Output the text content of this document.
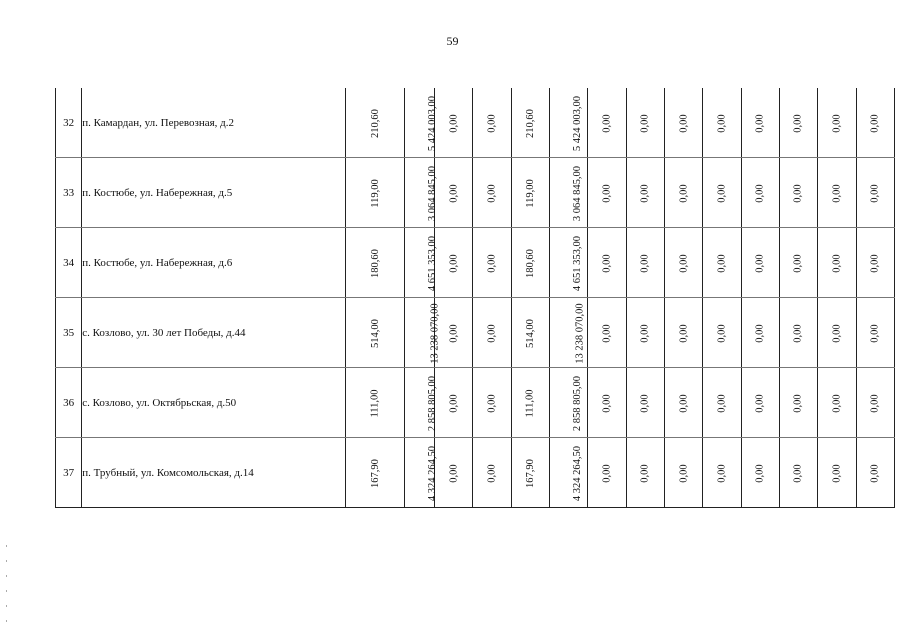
59
32	п. Камардан, ул. Перевозная, д.2	210,60	5 424 003,00	0,00	0,00	210,60	5 424 003,00	0,00	0,00	0,00	0,00	0,00	0,00	0,00	0,00
33	п. Костюбе, ул. Набережная, д.5	119,00	3 064 845,00	0,00	0,00	119,00	3 064 845,00	0,00	0,00	0,00	0,00	0,00	0,00	0,00	0,00
34	п. Костюбе, ул. Набережная, д.6	180,60	4 651 353,00	0,00	0,00	180,60	4 651 353,00	0,00	0,00	0,00	0,00	0,00	0,00	0,00	0,00
35	с. Козлово, ул. 30 лет Победы, д.44	514,00	13 238 070,00	0,00	0,00	514,00	13 238 070,00	0,00	0,00	0,00	0,00	0,00	0,00	0,00	0,00
36	с. Козлово, ул. Октябрьская, д.50	111,00	2 858 805,00	0,00	0,00	111,00	2 858 805,00	0,00	0,00	0,00	0,00	0,00	0,00	0,00	0,00
37	п. Трубный, ул. Комсомольская, д.14	167,90	4 324 264,50	0,00	0,00	167,90	4 324 264,50	0,00	0,00	0,00	0,00	0,00	0,00	0,00	0,00
